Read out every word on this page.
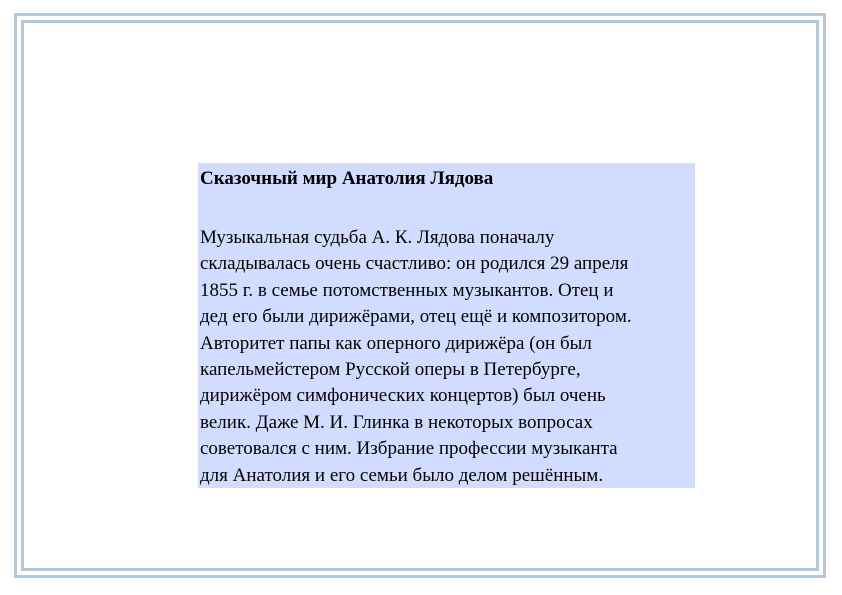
Сказочный мир Анатолия Лядова

Музыкальная судьба А. К. Лядова поначалу
складывалась очень счастливо: он родился 29 апреля
1855 г. в семье потомственных музыкантов. Отец и
дед его были дирижёрами, отец ещё и композитором.
Авторитет папы как оперного дирижёра (он был
капельмейстером Русской оперы в Петербурге,
дирижёром симфонических концертов) был очень
велик. Даже М. И. Глинка в некоторых вопросах
советовался с ним. Избрание профессии музыканта
для Анатолия и его семьи было делом решённым.
